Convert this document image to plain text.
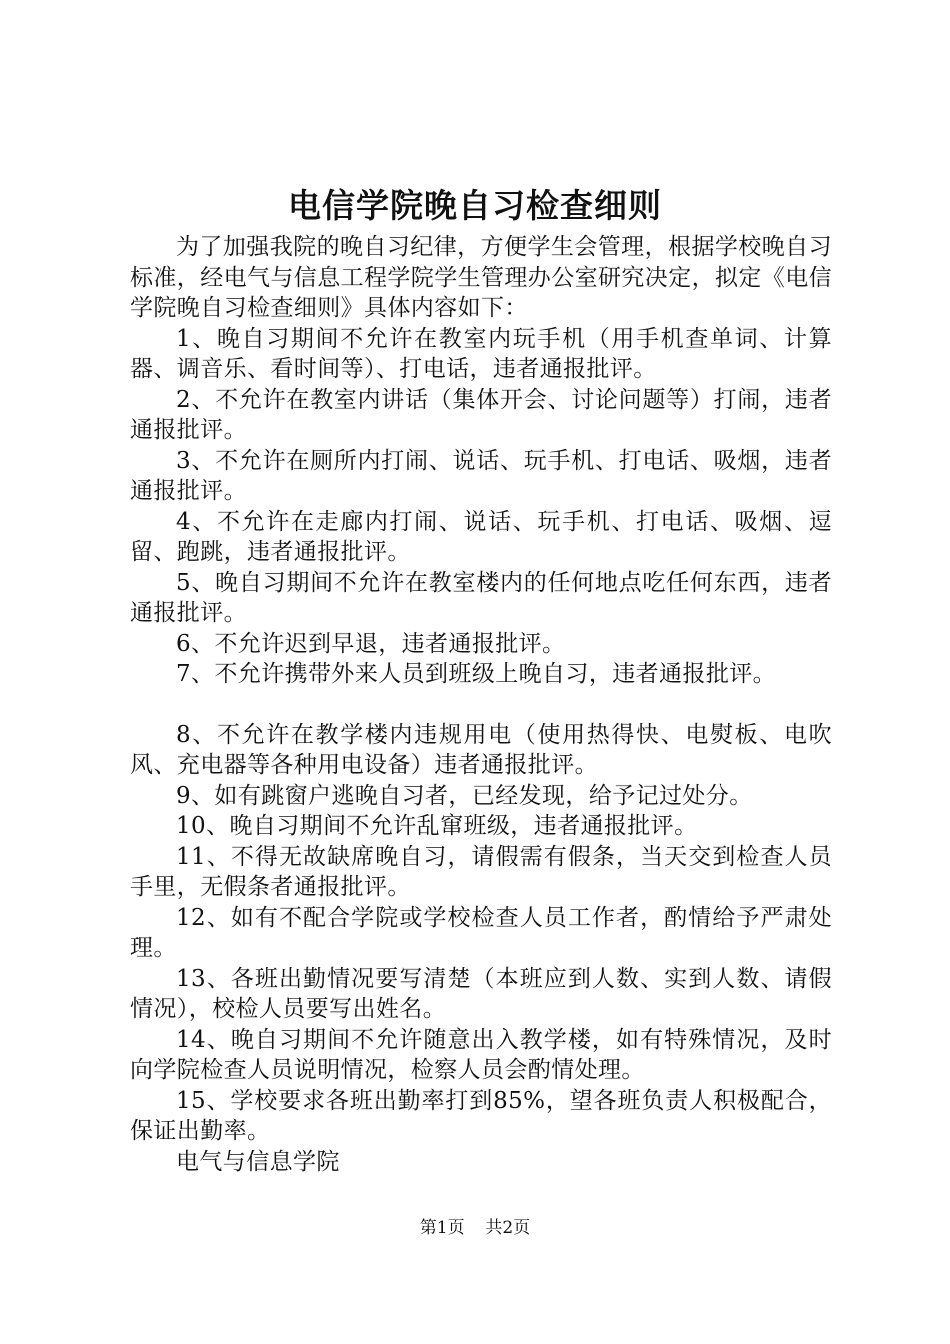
电信学院晚自习检查细则

为了加强我院的晚自习纪律，方便学生会管理，根据学校晚自习标准，经电气与信息工程学院学生管理办公室研究决定，拟定《电信学院晚自习检查细则》具体内容如下：

1、晚自习期间不允许在教室内玩手机（用手机查单词、计算器、调音乐、看时间等）、打电话，违者通报批评。

2、不允许在教室内讲话（集体开会、讨论问题等）打闹，违者通报批评。

3、不允许在厕所内打闹、说话、玩手机、打电话、吸烟，违者通报批评。

4、不允许在走廊内打闹、说话、玩手机、打电话、吸烟、逗留、跑跳，违者通报批评。

5、晚自习期间不允许在教室楼内的任何地点吃任何东西，违者通报批评。

6、不允许迟到早退，违者通报批评。

7、不允许携带外来人员到班级上晚自习，违者通报批评。

8、不允许在教学楼内违规用电（使用热得快、电熨板、电吹风、充电器等各种用电设备）违者通报批评。

9、如有跳窗户逃晚自习者，已经发现，给予记过处分。

10、晚自习期间不允许乱窜班级，违者通报批评。

11、不得无故缺席晚自习，请假需有假条，当天交到检查人员手里，无假条者通报批评。

12、如有不配合学院或学校检查人员工作者，酌情给予严肃处理。

13、各班出勤情况要写清楚（本班应到人数、实到人数、请假情况），校检人员要写出姓名。

14、晚自习期间不允许随意出入教学楼，如有特殊情况，及时向学院检查人员说明情况，检察人员会酌情处理。

15、学校要求各班出勤率打到85%，望各班负责人积极配合，保证出勤率。

电气与信息学院

第1页 共2页
